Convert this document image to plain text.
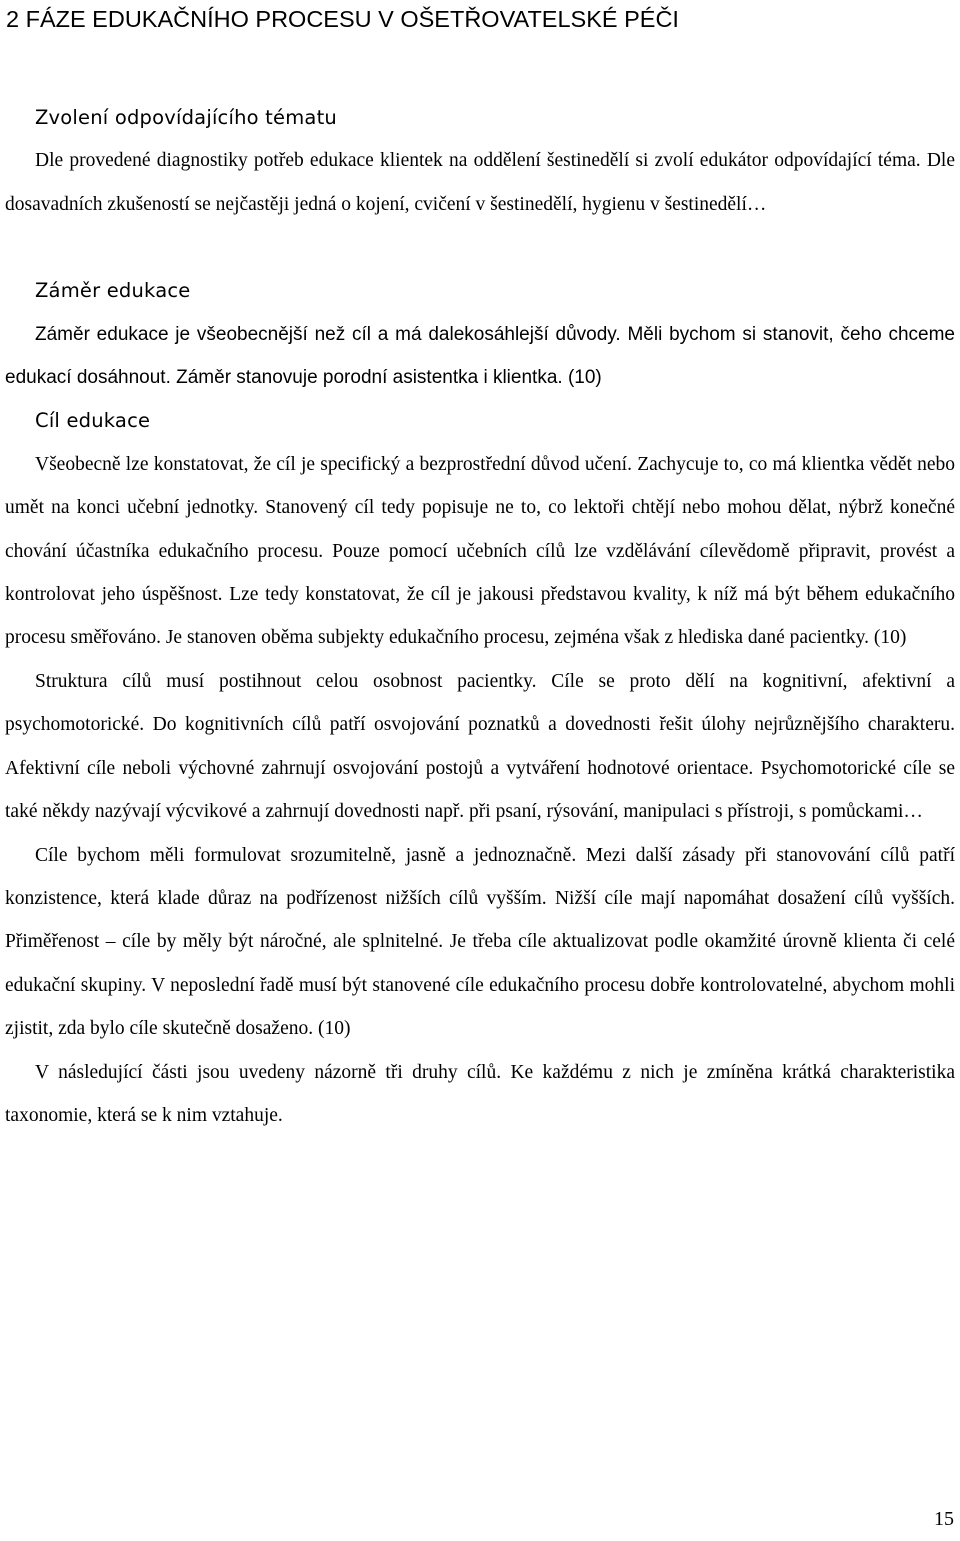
2 FÁZE EDUKAČNÍHO PROCESU V OŠETŘOVATELSKÉ PÉČI
Zvolení odpovídajícího tématu

Dle provedené diagnostiky potřeb edukace klientek na oddělení šestinedělí si zvolí edukátor odpovídající téma. Dle dosavadních zkušeností se nejčastěji jedná o kojení, cvičení v šestinedělí, hygienu v šestinedělí…

Záměr edukace

Záměr edukace je všeobecnější než cíl a má dalekosáhlejší důvody. Měli bychom si stanovit, čeho chceme edukací dosáhnout. Záměr stanovuje porodní asistentka i klientka. (10)

Cíl edukace

Všeobecně lze konstatovat, že cíl je specifický a bezprostřední důvod učení. Zachycuje to, co má klientka vědět nebo umět na konci učební jednotky. Stanovený cíl tedy popisuje ne to, co lektoři chtějí nebo mohou dělat, nýbrž konečné chování účastníka edukačního procesu. Pouze pomocí učebních cílů lze vzdělávání cílevědomě připravit, provést a kontrolovat jeho úspěšnost. Lze tedy konstatovat, že cíl je jakousi představou kvality, k níž má být během edukačního procesu směřováno. Je stanoven oběma subjekty edukačního procesu, zejména však z hlediska dané pacientky. (10)

Struktura cílů musí postihnout celou osobnost pacientky. Cíle se proto dělí na kognitivní, afektivní a psychomotorické. Do kognitivních cílů patří osvojování poznatků a dovednosti řešit úlohy nejrůznějšího charakteru. Afektivní cíle neboli výchovné zahrnují osvojování postojů a vytváření hodnotové orientace. Psychomotorické cíle se také někdy nazývají výcvikové a zahrnují dovednosti např. při psaní, rýsování, manipulaci s přístroji, s pomůckami…

Cíle bychom měli formulovat srozumitelně, jasně a jednoznačně. Mezi další zásady při stanovování cílů patří konzistence, která klade důraz na podřízenost nižších cílů vyšším. Nižší cíle mají napomáhat dosažení cílů vyšších. Přiměřenost – cíle by měly být náročné, ale splnitelné. Je třeba cíle aktualizovat podle okamžité úrovně klienta či celé edukační skupiny. V neposlední řadě musí být stanovené cíle edukačního procesu dobře kontrolovatelné, abychom mohli zjistit, zda bylo cíle skutečně dosaženo. (10)

V následující části jsou uvedeny názorně tři druhy cílů. Ke každému z nich je zmíněna krátká charakteristika taxonomie, která se k nim vztahuje.

15
